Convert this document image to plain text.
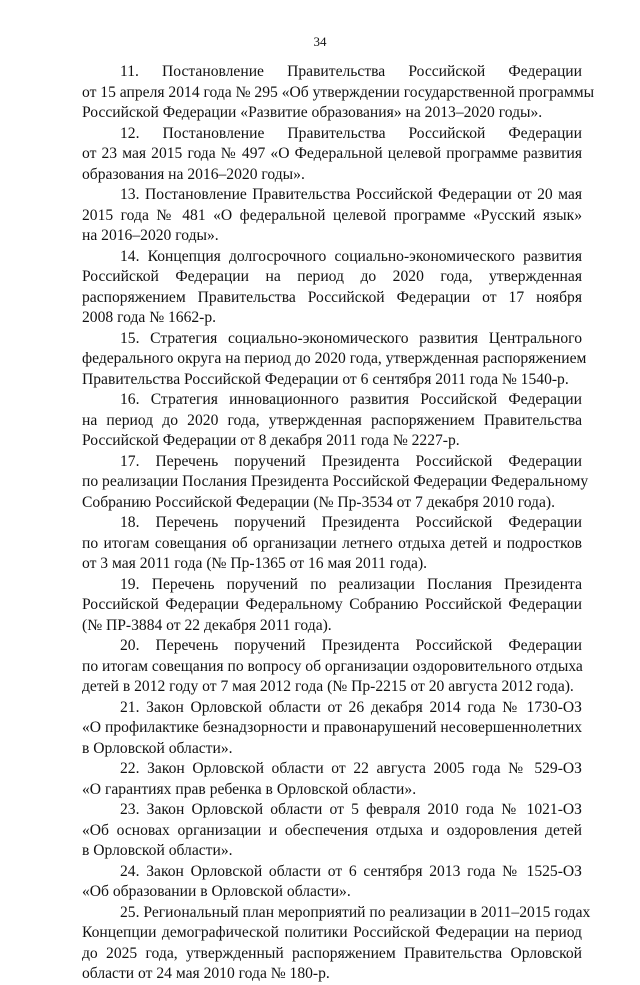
34
11. Постановление Правительства Российской Федерации
от 15 апреля 2014 года № 295 «Об утверждении государственной программы
Российской Федерации «Развитие образования» на 2013–2020 годы».
12. Постановление Правительства Российской Федерации
от 23 мая 2015 года № 497 «О Федеральной целевой программе развития
образования на 2016–2020 годы».
13. Постановление Правительства Российской Федерации от 20 мая
2015 года № 481 «О федеральной целевой программе «Русский язык»
на 2016–2020 годы».
14. Концепция долгосрочного социально-экономического развития
Российской Федерации на период до 2020 года, утвержденная
распоряжением Правительства Российской Федерации от 17 ноября
2008 года № 1662-р.
15. Стратегия социально-экономического развития Центрального
федерального округа на период до 2020 года, утвержденная распоряжением
Правительства Российской Федерации от 6 сентября 2011 года № 1540-р.
16. Стратегия инновационного развития Российской Федерации
на период до 2020 года, утвержденная распоряжением Правительства
Российской Федерации от 8 декабря 2011 года № 2227-р.
17. Перечень поручений Президента Российской Федерации
по реализации Послания Президента Российской Федерации Федеральному
Собранию Российской Федерации (№ Пр-3534 от 7 декабря 2010 года).
18. Перечень поручений Президента Российской Федерации
по итогам совещания об организации летнего отдыха детей и подростков
от 3 мая 2011 года (№ Пр-1365 от 16 мая 2011 года).
19. Перечень поручений по реализации Послания Президента
Российской Федерации Федеральному Собранию Российской Федерации
(№ ПР-3884 от 22 декабря 2011 года).
20. Перечень поручений Президента Российской Федерации
по итогам совещания по вопросу об организации оздоровительного отдыха
детей в 2012 году от 7 мая 2012 года (№ Пр-2215 от 20 августа 2012 года).
21. Закон Орловской области от 26 декабря 2014 года № 1730-ОЗ
«О профилактике безнадзорности и правонарушений несовершеннолетних
в Орловской области».
22. Закон Орловской области от 22 августа 2005 года № 529-ОЗ
«О гарантиях прав ребенка в Орловской области».
23. Закон Орловской области от 5 февраля 2010 года № 1021-ОЗ
«Об основах организации и обеспечения отдыха и оздоровления детей
в Орловской области».
24. Закон Орловской области от 6 сентября 2013 года № 1525-ОЗ
«Об образовании в Орловской области».
25. Региональный план мероприятий по реализации в 2011–2015 годах
Концепции демографической политики Российской Федерации на период
до 2025 года, утвержденный распоряжением Правительства Орловской
области от 24 мая 2010 года № 180-р.
